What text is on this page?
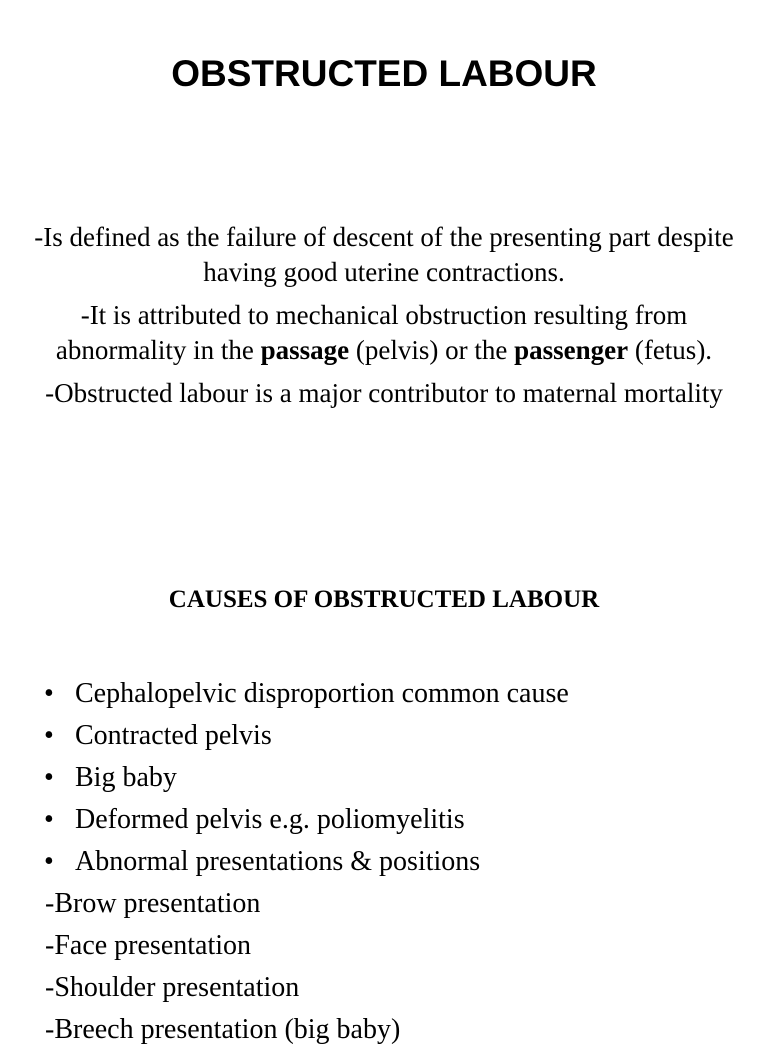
OBSTRUCTED LABOUR

-Is defined as the failure of descent of the presenting part despite having good uterine contractions.

-It is attributed to mechanical obstruction resulting from abnormality in the passage (pelvis) or the passenger (fetus).

-Obstructed labour is a major contributor to maternal mortality

CAUSES OF OBSTRUCTED LABOUR
• Cephalopelvic disproportion common cause
• Contracted pelvis
• Big baby
• Deformed pelvis e.g. poliomyelitis
• Abnormal presentations & positions
-Brow presentation
-Face presentation
-Shoulder presentation
-Breech presentation (big baby)
